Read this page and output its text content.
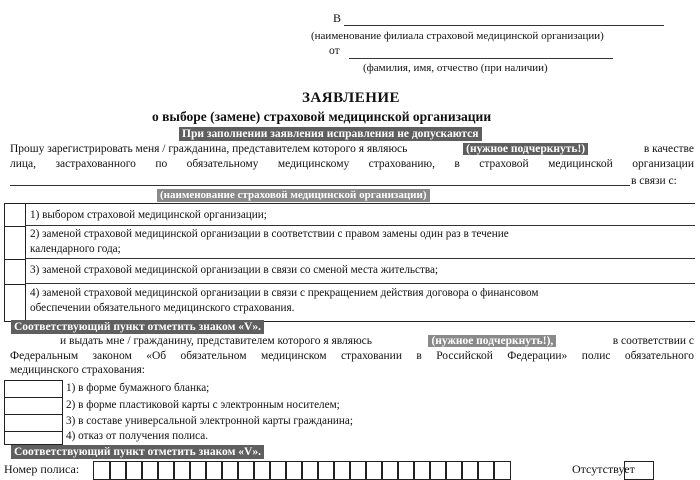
В
(наименование филиала страховой медицинской организации)
от
(фамилия, имя, отчество (при наличии)
ЗАЯВЛЕНИЕ
о выборе (замене) страховой медицинской организации
При заполнении заявления исправления не допускаются
Прошу зарегистрировать меня / гражданина, представителем которого я являюсь	(нужное подчеркнуть!)	в качестве
лица, застрахованного по обязательному медицинскому страхованию, в страховой медицинской организации
в связи с:
(наименование страховой медицинской организации)
1) выбором страховой медицинской организации;
2) заменой страховой медицинской организации в соответствии с правом замены один раз в течение
календарного года;
3) заменой страховой медицинской организации в связи со сменой места жительства;
4) заменой страховой медицинской организации в связи с прекращением действия договора о финансовом
обеспечении обязательного медицинского страхования.
Соответствующий пункт отметить знаком «V».
и выдать мне / гражданину, представителем которого я являюсь	(нужное подчеркнуть!),	в соответствии с
Федеральным законом «Об обязательном медицинском страховании в Российской Федерации» полис обязательного
медицинского страхования:
1) в форме бумажного бланка;
2) в форме пластиковой карты с электронным носителем;
3) в составе универсальной электронной карты гражданина;
4) отказ от получения полиса.
Соответствующий пункт отметить знаком «V».
Номер полиса:	Отсутствует
